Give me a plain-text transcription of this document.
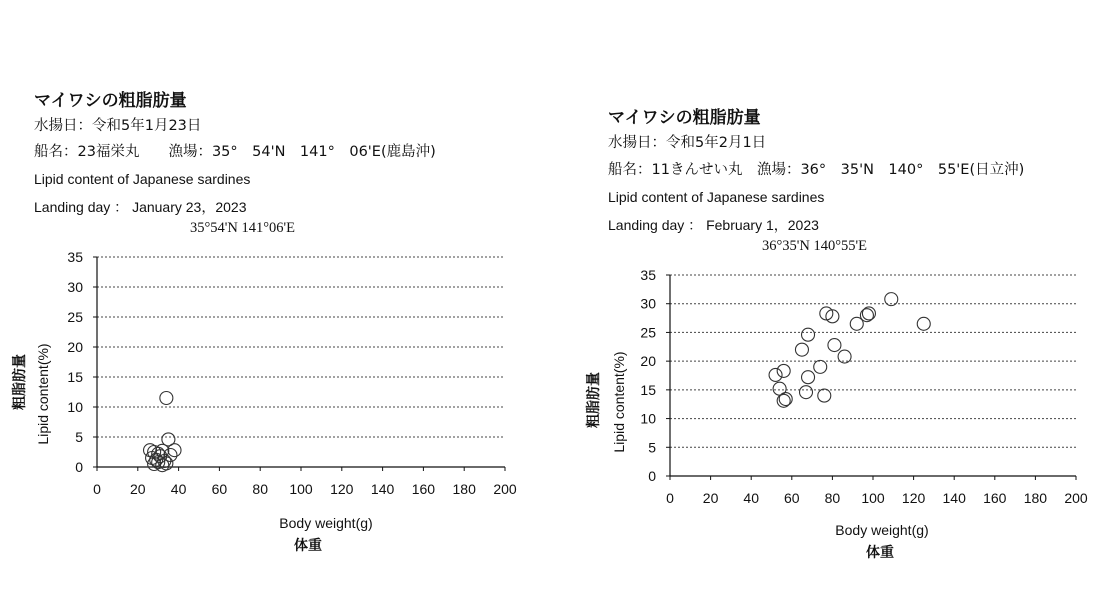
マイワシの粗脂肪量
水揚日：令和5年1月23日
船名：23福栄丸　　漁場：35°　54'N　141°　06'E(鹿島沖)
Lipid content of Japanese sardines
Landing day ： January 23，2023
35°54'N 141°06'E
Body weight(g)
体重
Lipid content(%)
粗脂肪量
0
5
10
15
20
25
30
35
0 20 40 60 80 100 120 140 160 180 200
マイワシの粗脂肪量
水揚日：令和5年2月1日
船名：11きんせい丸　漁場：36°　35'N　140°　55'E(日立沖)
Lipid content of Japanese sardines
Landing day ： February 1，2023
36°35'N 140°55'E
Body weight(g)
体重
Lipid content(%)
粗脂肪量
0
5
10
15
20
25
30
35
0 20 40 60 80 100 120 140 160 180 200
